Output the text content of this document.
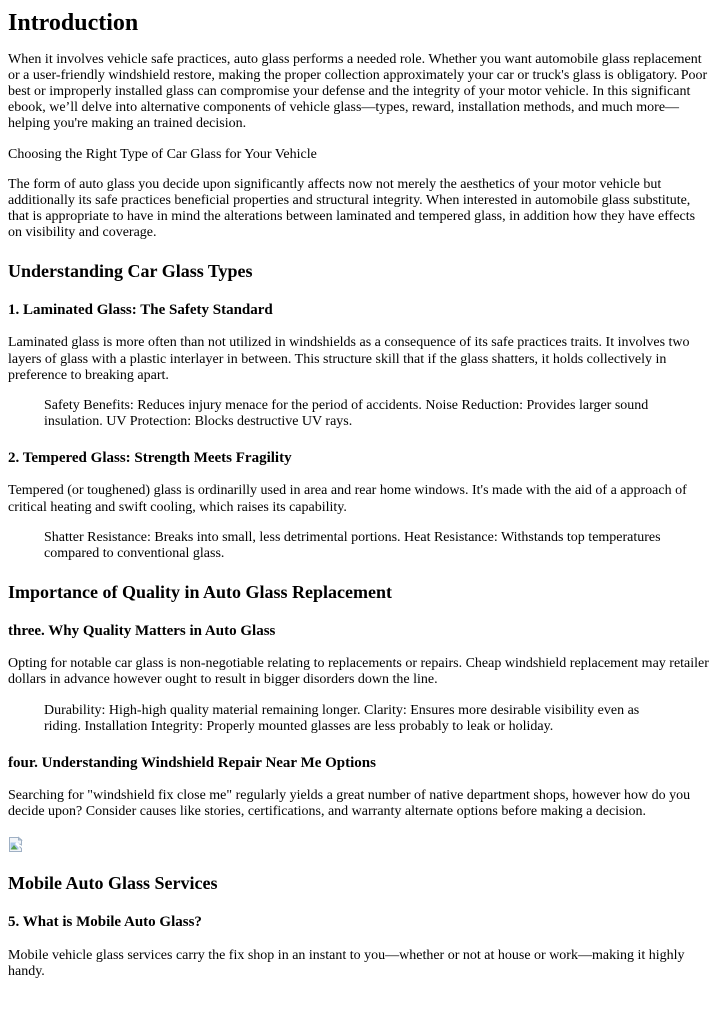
Introduction

When it involves vehicle safe practices, auto glass performs a needed role. Whether you want automobile glass replacement or a user-friendly windshield restore, making the proper collection approximately your car or truck's glass is obligatory. Poor best or improperly installed glass can compromise your defense and the integrity of your motor vehicle. In this significant ebook, we’ll delve into alternative components of vehicle glass—types, reward, installation methods, and much more—helping you're making an trained decision.

Choosing the Right Type of Car Glass for Your Vehicle

The form of auto glass you decide upon significantly affects now not merely the aesthetics of your motor vehicle but additionally its safe practices beneficial properties and structural integrity. When interested in automobile glass substitute, that is appropriate to have in mind the alterations between laminated and tempered glass, in addition how they have effects on visibility and coverage.

Understanding Car Glass Types
1. Laminated Glass: The Safety Standard

Laminated glass is more often than not utilized in windshields as a consequence of its safe practices traits. It involves two layers of glass with a plastic interlayer in between. This structure skill that if the glass shatters, it holds collectively in preference to breaking apart.

Safety Benefits: Reduces injury menace for the period of accidents. Noise Reduction: Provides larger sound insulation. UV Protection: Blocks destructive UV rays.
2. Tempered Glass: Strength Meets Fragility

Tempered (or toughened) glass is ordinarilly used in area and rear home windows. It's made with the aid of a approach of critical heating and swift cooling, which raises its capability.

Shatter Resistance: Breaks into small, less detrimental portions. Heat Resistance: Withstands top temperatures compared to conventional glass.
Importance of Quality in Auto Glass Replacement
three. Why Quality Matters in Auto Glass

Opting for notable car glass is non-negotiable relating to replacements or repairs. Cheap windshield replacement may retailer dollars in advance however ought to result in bigger disorders down the line.

Durability: High-high quality material remaining longer. Clarity: Ensures more desirable visibility even as riding. Installation Integrity: Properly mounted glasses are less probably to leak or holiday.
four. Understanding Windshield Repair Near Me Options

Searching for "windshield fix close me" regularly yields a great number of native department shops, however how do you decide upon? Consider causes like stories, certifications, and warranty alternate options before making a decision.

Mobile Auto Glass Services
5. What is Mobile Auto Glass?

Mobile vehicle glass services carry the fix shop in an instant to you—whether or not at house or work—making it highly handy.
